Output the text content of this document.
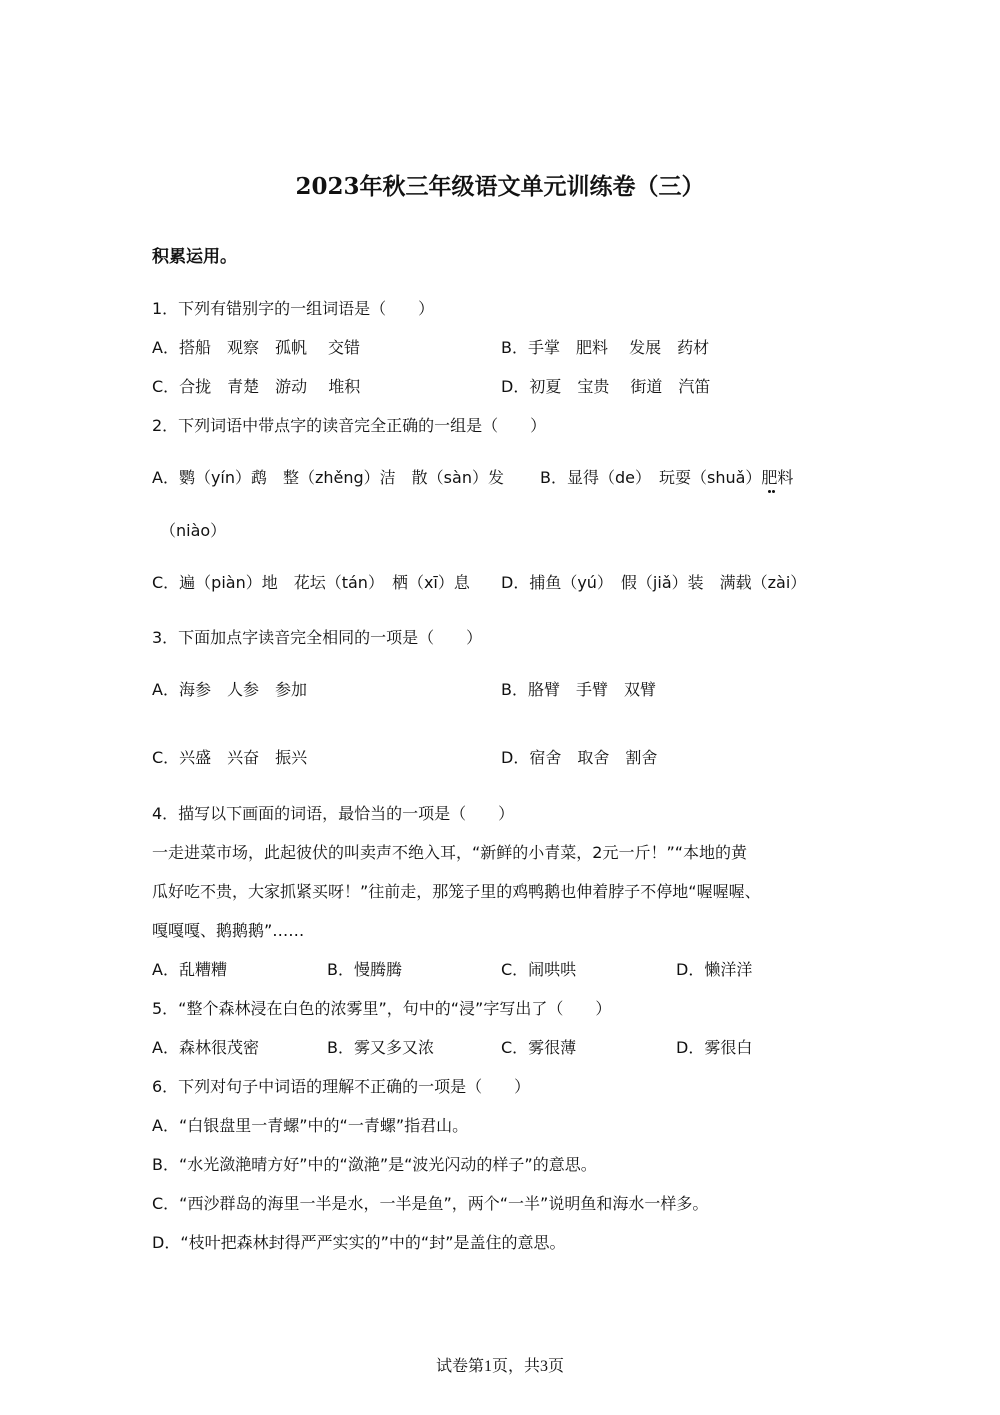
2023年秋三年级语文单元训练卷（三）
积累运用。
1．下列有错别字的一组词语是（　　）
A．搭船　观察　孤帆　 交错	B．手掌　肥料　 发展　药材
C．合拢　青楚　游动　 堆积	D．初夏　宝贵　 街道　汽笛
2．下列词语中带点字的读音完全正确的一组是（　　）
A．鹦（yín）鹉　整（zhěng）洁　散（sàn）发 B．显得（de）　玩耍（shuǎ）肥料
（niào）
C．遍（piàn）地　花坛（tán）　栖（xī）息 D．捕鱼（yú）　假（jiǎ）装　满载（zài）
3．下面加点字读音完全相同的一项是（　　）
A．海参　人参　参加	B．胳臂　手臂　双臂
C．兴盛　兴奋　振兴	D．宿舍　取舍　割舍
4．描写以下画面的词语，最恰当的一项是（　　）
一走进菜市场，此起彼伏的叫卖声不绝入耳，“新鲜的小青菜，2元一斤！”“本地的黄
瓜好吃不贵，大家抓紧买呀！”往前走，那笼子里的鸡鸭鹅也伸着脖子不停地“喔喔喔、
嘎嘎嘎、鹅鹅鹅”……
A．乱糟糟	B．慢腾腾	C．闹哄哄	D．懒洋洋
5．“整个森林浸在白色的浓雾里”，句中的“浸”字写出了（　　）
A．森林很茂密	B．雾又多又浓	C．雾很薄	D．雾很白
6．下列对句子中词语的理解不正确的一项是（　　）
A．“白银盘里一青螺”中的“一青螺”指君山。
B．“水光潋滟晴方好”中的“潋滟”是“波光闪动的样子”的意思。
C．“西沙群岛的海里一半是水，一半是鱼”，两个“一半”说明鱼和海水一样多。
D．“枝叶把森林封得严严实实的”中的“封”是盖住的意思。
试卷第1页，共3页
